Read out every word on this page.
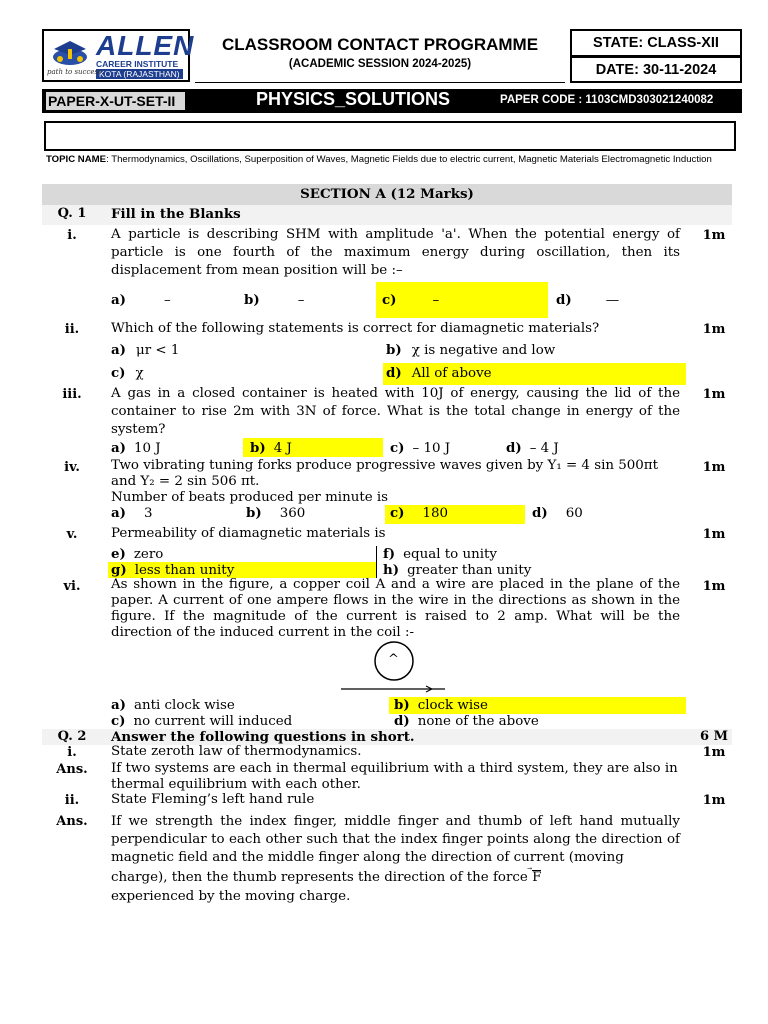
ALLEN
CAREER INSTITUTE
KOTA (RAJASTHAN)
path to success
CLASSROOM CONTACT PROGRAMME
(ACADEMIC SESSION 2024-2025)
STATE: CLASS-XII
DATE: 30-11-2024
PAPER-X-UT-SET-II	PHYSICS_SOLUTIONS	PAPER CODE : 1103CMD303021240082
TOPIC NAME: Thermodynamics, Oscillations, Superposition of Waves, Magnetic Fields due to electric current, Magnetic Materials Electromagnetic Induction
SECTION A (12 Marks)
Q. 1	Fill in the Blanks
i.	A particle is describing SHM with amplitude 'a'. When the potential energy of particle is one fourth of the maximum energy during oscillation, then its displacement from mean position will be :–
1m
a)	–	b)	–	c)	–	d)	—
ii.	Which of the following statements is correct for diamagnetic materials?	1m
a) μr < 1	b) χ is negative and low
c) χ	d) All of above
iii.	A gas in a closed container is heated with 10J of energy, causing the lid of the container to rise 2m with 3N of force. What is the total change in energy of the system?
1m
a) 10 J	b) 4 J	c) – 10 J	d) – 4 J
iv.	Two vibrating tuning forks produce progressive waves given by Y₁ = 4 sin 500πt
and Y₂ = 2 sin 506 πt.
Number of beats produced per minute is
1m
a) 3	b) 360	c) 180	d) 60
v.	Permeability of diamagnetic materials is	1m
e) zero	f) equal to unity
g) less than unity	h) greater than unity
vi.	As shown in the figure, a copper coil A and a wire are placed in the plane of the paper. A current of one ampere flows in the wire in the directions as shown in the figure. If the magnitude of the current is raised to 2 amp. What will be the direction of the induced current in the coil :-
1m
^
a) anti clock wise	b) clock wise
c) no current will induced	d) none of the above
Q. 2	Answer the following questions in short.	6 M
i.	State zeroth law of thermodynamics.	1m
Ans.	If two systems are each in thermal equilibrium with a third system, they are also in thermal equilibrium with each other.
ii.	State Fleming’s left hand rule	1m
Ans.	If we strength the index finger, middle finger and thumb of left hand mutually perpendicular to each other such that the index finger points along the direction of magnetic field and the middle finger along the direction of current (moving
charge), then the thumb represents the direction of the force F
experienced by the moving charge.
